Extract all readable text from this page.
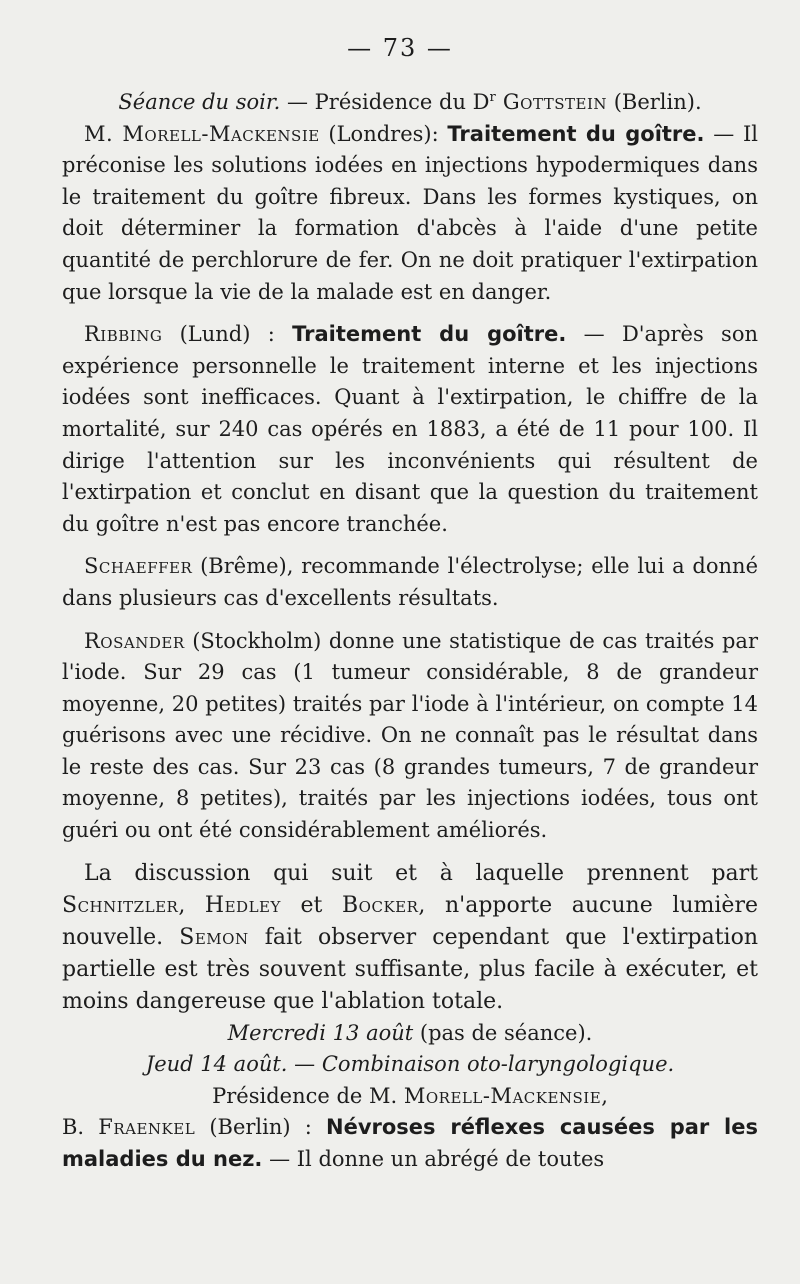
— 73 —

Séance du soir. — Présidence du $D^r$ Gottstein (Berlin).

M. Morell-Mackensie (Londres): Traitement du goître. — Il préconise les solutions iodées en injections hypodermiques dans le traitement du goître fibreux. Dans les formes kystiques, on doit déterminer la formation d'abcès à l'aide d'une petite quantité de perchlorure de fer. On ne doit pratiquer l'extirpation que lorsque la vie de la malade est en danger.

Ribbing (Lund) : Traitement du goître. — D'après son expérience personnelle le traitement interne et les injections iodées sont inefficaces. Quant à l'extirpation, le chiffre de la mortalité, sur 240 cas opérés en 1883, a été de 11 pour 100. Il dirige l'attention sur les inconvénients qui résultent de l'extirpation et conclut en disant que la question du traitement du goître n'est pas encore tranchée.

Schaeffer (Brême), recommande l'électrolyse; elle lui a donné dans plusieurs cas d'excellents résultats.

Rosander (Stockholm) donne une statistique de cas traités par l'iode. Sur 29 cas (1 tumeur considérable, 8 de grandeur moyenne, 20 petites) traités par l'iode à l'intérieur, on compte 14 guérisons avec une récidive. On ne connaît pas le résultat dans le reste des cas. Sur 23 cas (8 grandes tumeurs, 7 de grandeur moyenne, 8 petites), traités par les injections iodées, tous ont guéri ou ont été considérablement améliorés.

La discussion qui suit et à laquelle prennent part Schnitzler, Hedley et Bocker, n'apporte aucune lumière nouvelle. Semon fait observer cependant que l'extirpation partielle est très souvent suffisante, plus facile à exécuter, et moins dangereuse que l'ablation totale.

Mercredi 13 août (pas de séance).

Jeud 14 août. — Combinaison oto-laryngologique.

Présidence de M. Morell-Mackensie,

B. Fraenkel (Berlin) : Névroses réflexes causées par les maladies du nez. — Il donne un abrégé de toutes
